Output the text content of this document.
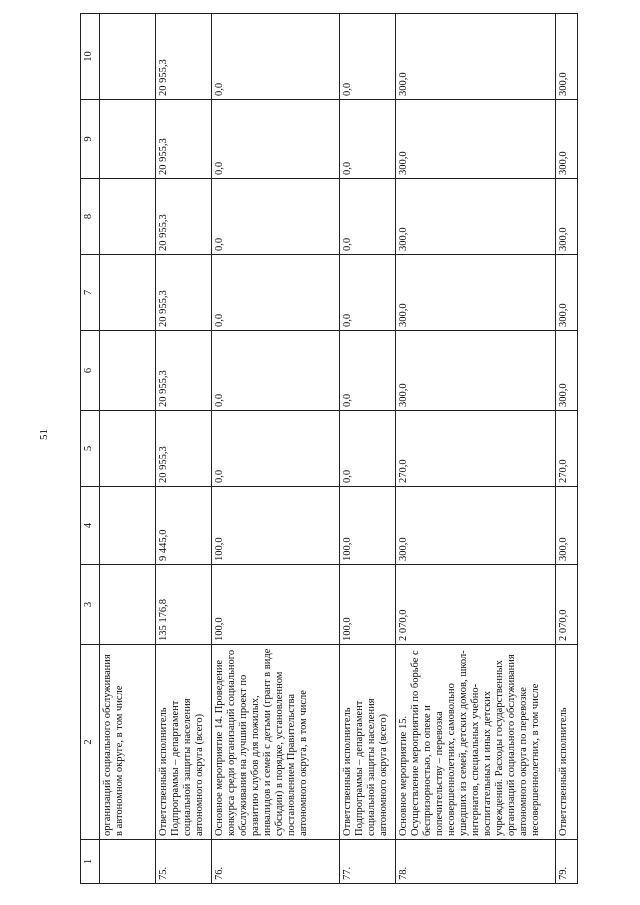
51
1	2	3	4	5	6	7	8	9	10
	организаций социального обслуживания в автономном округе, в том числе								
75.	Ответственный исполнитель Подпрограммы – департамент социальной защиты населения автономного округа (всего)	135 176,8	9 445,0	20 955,3	20 955,3	20 955,3	20 955,3	20 955,3	20 955,3
76.	Основное мероприятие 14. Проведение конкурса среди организаций социального обслуживания на лучший проект по развитию клубов для пожилых, инвалидов и семей с детьми (грант в виде субсидии) в порядке, установленном постановлением Правительства автономного округа, в том числе	100,0	100,0	0,0	0,0	0,0	0,0	0,0	0,0
77.	Ответственный исполнитель Подпрограммы – департамент социальной защиты населения автономного округа (всего)	100,0	100,0	0,0	0,0	0,0	0,0	0,0	0,0
78.	Основное мероприятие 15. Осуществление мероприятий по борьбе с беспризорностью, по опеке и попечительству – перевозка несовершеннолетних, самовольно ушедших из семей, детских домов, школ-интернатов, специальных учебно-воспитательных и иных детских учреждений. Расходы государственных организаций социального обслуживания автономного округа по перевозке несовершеннолетних, в том числе	2 070,0	300,0	270,0	300,0	300,0	300,0	300,0	300,0
79.	Ответственный исполнитель	2 070,0	300,0	270,0	300,0	300,0	300,0	300,0	300,0
